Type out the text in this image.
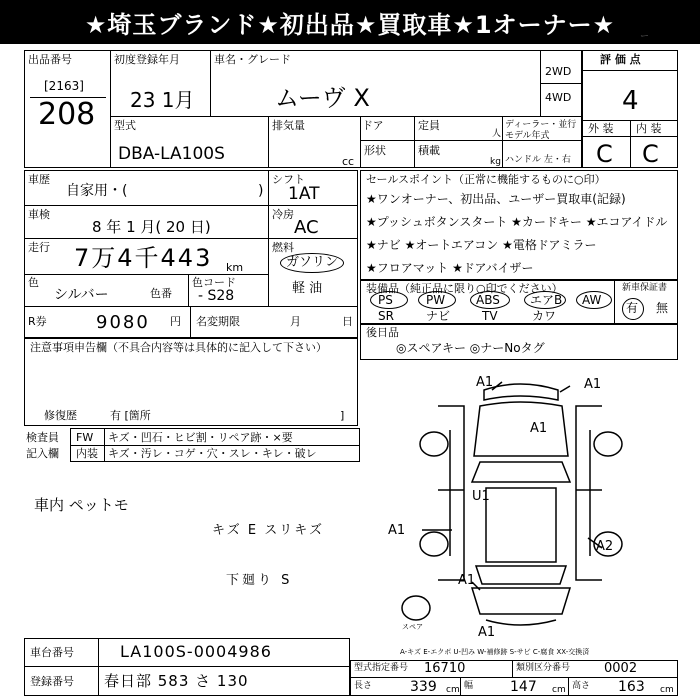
★埼玉ブランド★初出品★買取車★1オーナー★	ー
出品番号
[2163]
208
初度登録年月
23 1月
車名・グレード
ムーヴ X
2WD
4WD
型式
DBA-LA100S
排気量
cc
ドア	定員
人
ディーラー・並行
モデル年式
形状	積載
kg ハンドル 左・右
評 価 点
4
外 装 内 装
C C
車歴
自家用・(	)
車検
8 年 1 月( 20 日)
走行 7万4千443 km
色
シルバー	色番
色コード
- S28
シフト
1AT
冷房
AC
燃料
ガソリン
軽 油
R券	9080 円 名変期限	月	日
セールスポイント（正常に機能するものに○印）
★ワンオーナー、初出品、ユーザー買取車(記録)
★プッシュボタンスタート ★カードキー ★エコアイドル
★ナビ ★オートエアコン ★電格ドアミラー
★フロアマット ★ドアバイザー
装備品（純正品に限り○印でください）
PS	PW	ABS	エアB AW
SR	ナビ	TV	カワ
新車保証書
有 無
後日品
◎スペアキー ◎ナーNoタグ
注意事項申告欄（不具合内容等は具体的に記入して下さい）
修復歴	有 [箇所	]
検査員
記入欄
FW キズ・凹石・ヒビ割・リペア跡・×要
内装 キズ・汚レ・コゲ・穴・スレ・キレ・破レ
車内 ペットモ
キズ E スリキズ
下廻り S
A1	A1
A1
U1
A1
A2
A1
A1
スペア
A-キズ E-エクボ U-凹み W-補修跡 S-サビ C-腐食 XX-交換済
車台番号	LA100S-0004986
登録番号 春日部 583 さ 130
型式指定番号 16710	類別区分番号	0002
長さ	339 cm 幅	147 cm 高さ 163 cm
